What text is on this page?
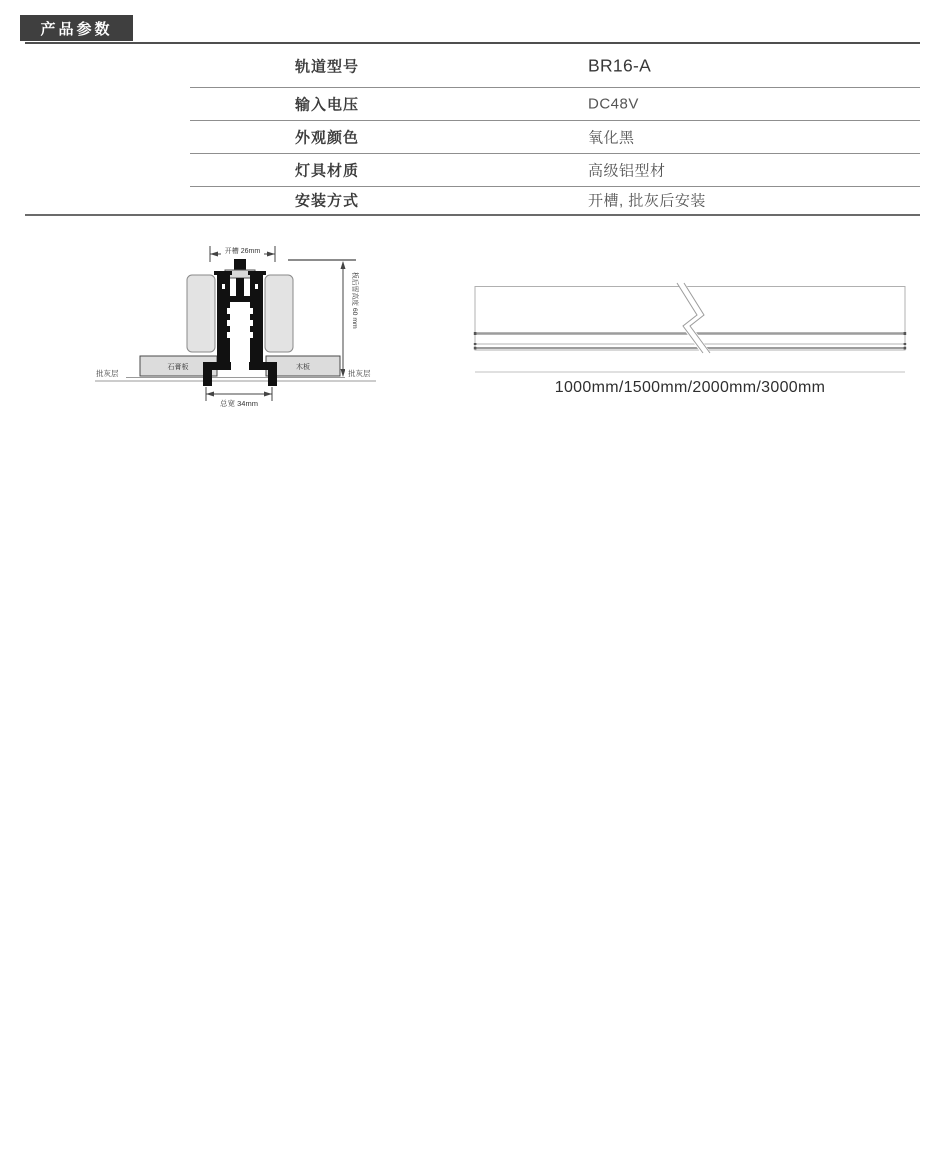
产品参数
轨道型号	BR16-A
输入电压	DC48V
外观颜色	氧化黑
灯具材质	高级铝型材
安装方式	开槽, 批灰后安装
石膏板	木板
开槽 26mm
板后留高度 60 mm
批灰层	批灰层
总宽 34mm
1000mm/1500mm/2000mm/3000mm
